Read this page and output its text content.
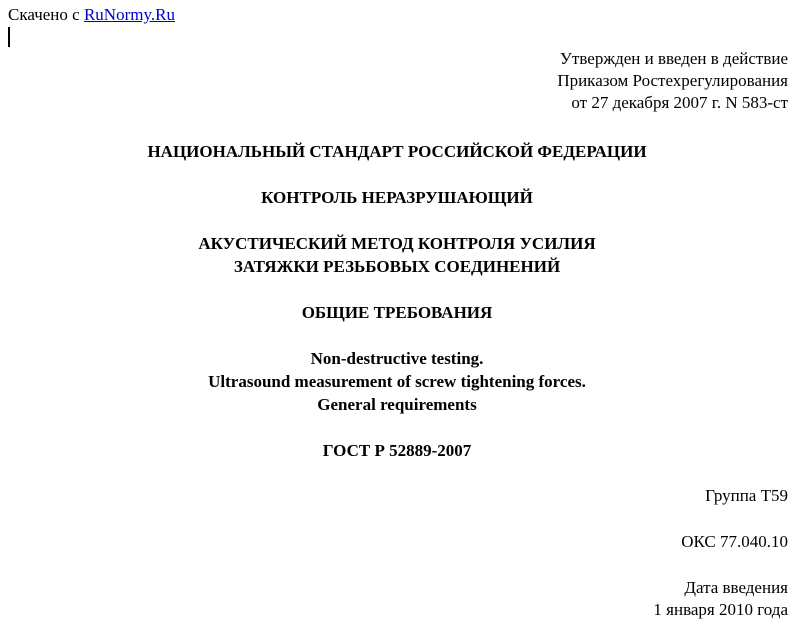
Скачено с RuNormy.Ru
Утвержден и введен в действие
Приказом Ростехрегулирования
от 27 декабря 2007 г. N 583-ст
НАЦИОНАЛЬНЫЙ СТАНДАРТ РОССИЙСКОЙ ФЕДЕРАЦИИ
КОНТРОЛЬ НЕРАЗРУШАЮЩИЙ
АКУСТИЧЕСКИЙ МЕТОД КОНТРОЛЯ УСИЛИЯ
ЗАТЯЖКИ РЕЗЬБОВЫХ СОЕДИНЕНИЙ
ОБЩИЕ ТРЕБОВАНИЯ
Non-destructive testing.
Ultrasound measurement of screw tightening forces.
General requirements
ГОСТ Р 52889-2007
Группа Т59
ОКС 77.040.10
Дата введения
1 января 2010 года
